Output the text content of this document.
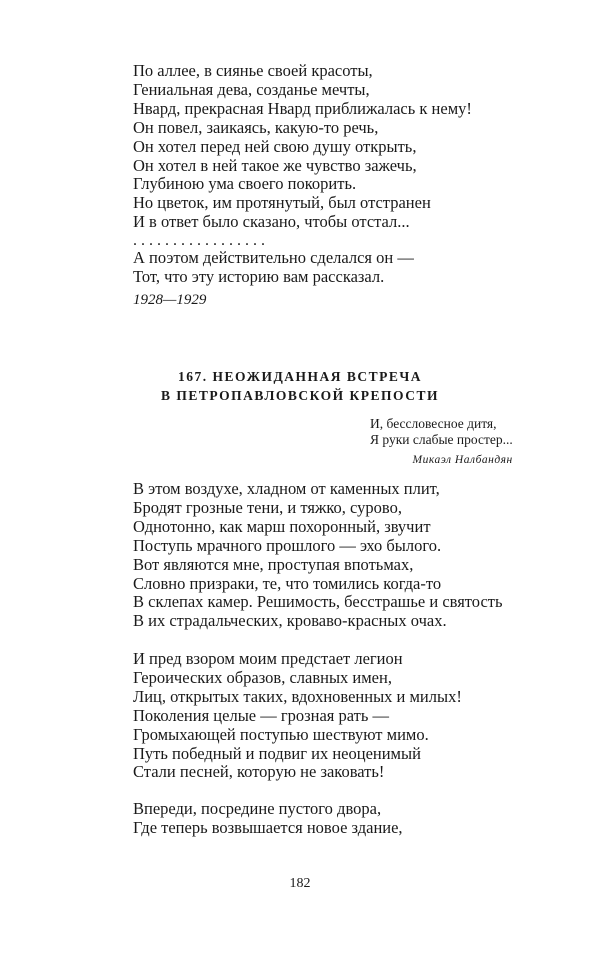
По аллее, в сиянье своей красоты,
Гениальная дева, созданье мечты,
Нвард, прекрасная Нвард приближалась к нему!
Он повел, заикаясь, какую-то речь,
Он хотел перед ней свою душу открыть,
Он хотел в ней такое же чувство зажечь,
Глубиною ума своего покорить.
Но цветок, им протянутый, был отстранен
И в ответ было сказано, чтобы отстал...
. . . . . . . . . . . . . . . . .
А поэтом действительно сделался он —
Тот, что эту историю вам рассказал.
1928—1929
167. НЕОЖИДАННАЯ ВСТРЕЧА
В ПЕТРОПАВЛОВСКОЙ КРЕПОСТИ
И, бессловесное дитя,
Я руки слабые простер...
Микаэл Налбандян
В этом воздухе, хладном от каменных плит,
Бродят грозные тени, и тяжко, сурово,
Однотонно, как марш похоронный, звучит
Поступь мрачного прошлого — эхо былого.
Вот являются мне, проступая впотьмах,
Словно призраки, те, что томились когда-то
В склепах камер. Решимость, бесстрашье и святость
В их страдальческих, кроваво-красных очах.
И пред взором моим предстает легион
Героических образов, славных имен,
Лиц, открытых таких, вдохновенных и милых!
Поколения целые — грозная рать —
Громыхающей поступью шествуют мимо.
Путь победный и подвиг их неоценимый
Стали песней, которую не заковать!
Впереди, посредине пустого двора,
Где теперь возвышается новое здание,
182
